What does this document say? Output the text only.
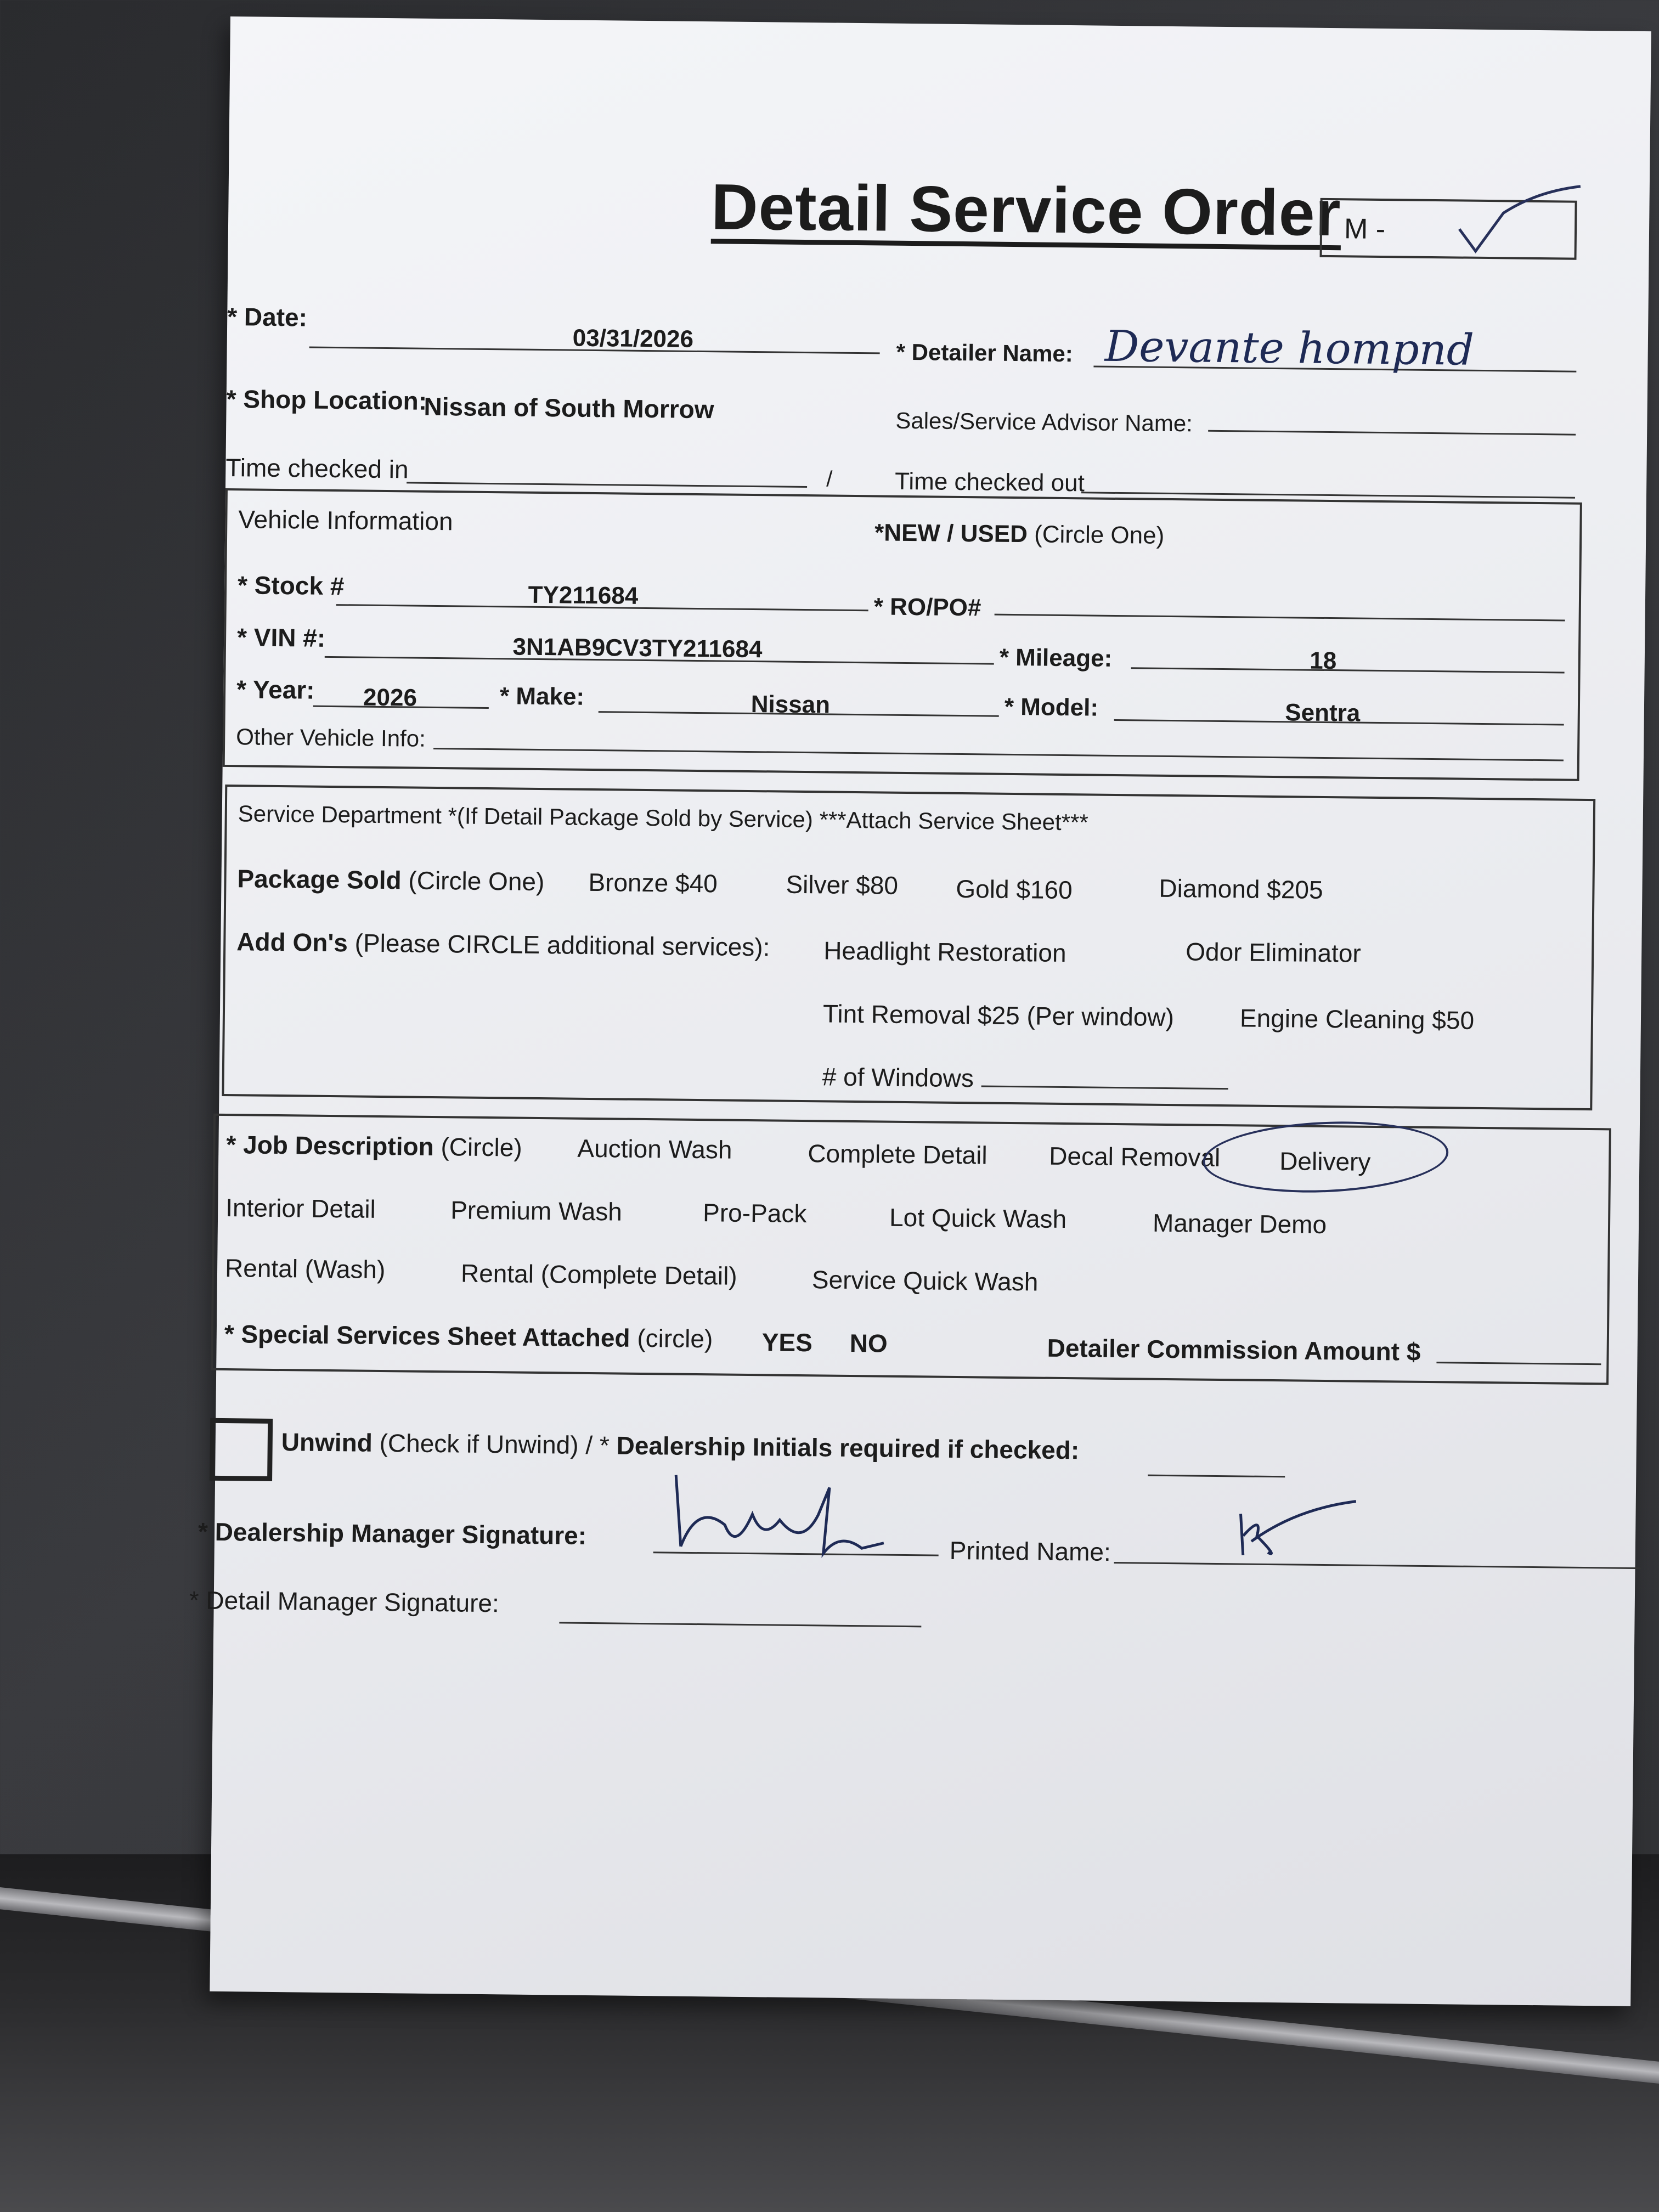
Detail Service Order M -
* Date:
03/31/2026
* Detailer Name: Devante hompnd
* Shop Location:
Nissan of South Morrow	Sales/Service Advisor Name:
Time checked in	/	Time checked out
Vehicle Information	*NEW / USED (Circle One)
* Stock #	TY211684	* RO/PO#
* VIN #:	3N1AB9CV3TY211684	* Mileage:	18
* Year:	2026	* Make:	Nissan	* Model:	Sentra
Other Vehicle Info:
Service Department *(If Detail Package Sold by Service) ***Attach Service Sheet***
Package Sold (Circle One) Bronze $40	Silver $80 Gold $160	Diamond $205
Add On's (Please CIRCLE additional services): Headlight Restoration	Odor Eliminator
Tint Removal $25 (Per window)	Engine Cleaning $50
# of Windows
* Job Description (Circle) Auction Wash	Complete Detail Decal Removal Delivery
Interior Detail	Premium Wash	Pro-Pack	Lot Quick Wash	Manager Demo
Rental (Wash)	Rental (Complete Detail)	Service Quick Wash
* Special Services Sheet Attached (circle) YES NO	Detailer Commission Amount $
Unwind (Check if Unwind) / * Dealership Initials required if checked:
* Dealership Manager Signature:
Printed Name:
* Detail Manager Signature:
